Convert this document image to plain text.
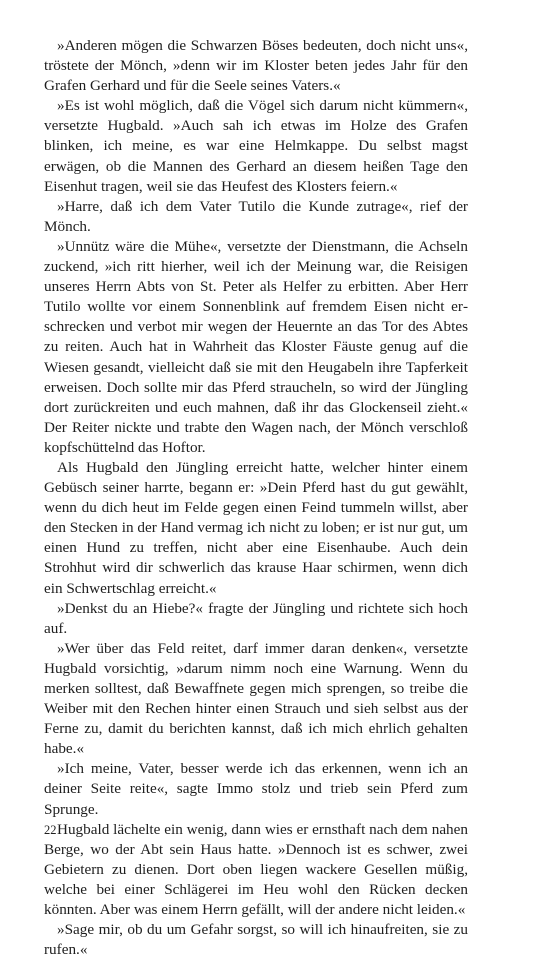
»Anderen mögen die Schwarzen Böses bedeuten, doch nicht uns«, tröstete der Mönch, »denn wir im Kloster beten jedes Jahr für den Grafen Gerhard und für die Seele seines Vaters.«

»Es ist wohl möglich, daß die Vögel sich darum nicht kümmern«, versetzte Hugbald. »Auch sah ich etwas im Holze des Grafen blinken, ich meine, es war eine Helmkappe. Du selbst magst erwägen, ob die Mannen des Gerhard an diesem heißen Tage den Eisenhut tragen, weil sie das Heufest des Klosters feiern.«

»Harre, daß ich dem Vater Tutilo die Kunde zutrage«, rief der Mönch.

»Unnütz wäre die Mühe«, versetzte der Dienstmann, die Achseln zuckend, »ich ritt hierher, weil ich der Meinung war, die Reisigen unseres Herrn Abts von St. Peter als Helfer zu erbitten. Aber Herr Tutilo wollte vor einem Sonnenblink auf fremdem Eisen nicht erschrecken und verbot mir wegen der Heuernte an das Tor des Abtes zu reiten. Auch hat in Wahrheit das Kloster Fäuste genug auf die Wiesen gesandt, vielleicht daß sie mit den Heugabeln ihre Tapferkeit erweisen. Doch sollte mir das Pferd straucheln, so wird der Jüngling dort zurückreiten und euch mahnen, daß ihr das Glockenseil zieht.« Der Reiter nickte und trabte den Wagen nach, der Mönch verschloß kopfschüttelnd das Hoftor.

Als Hugbald den Jüngling erreicht hatte, welcher hinter einem Gebüsch seiner harrte, begann er: »Dein Pferd hast du gut gewählt, wenn du dich heut im Felde gegen einen Feind tummeln willst, aber den Stecken in der Hand vermag ich nicht zu loben; er ist nur gut, um einen Hund zu treffen, nicht aber eine Eisenhaube. Auch dein Strohhut wird dir schwerlich das krause Haar schirmen, wenn dich ein Schwertschlag erreicht.«

»Denkst du an Hiebe?« fragte der Jüngling und richtete sich hoch auf.

»Wer über das Feld reitet, darf immer daran denken«, versetzte Hugbald vorsichtig, »darum nimm noch eine Warnung. Wenn du merken solltest, daß Bewaffnete gegen mich sprengen, so treibe die Weiber mit den Rechen hinter einen Strauch und sieh selbst aus der Ferne zu, damit du berichten kannst, daß ich mich ehrlich gehalten habe.«

»Ich meine, Vater, besser werde ich das erkennen, wenn ich an deiner Seite reite«, sagte Immo stolz und trieb sein Pferd zum Sprunge.

Hugbald lächelte ein wenig, dann wies er ernsthaft nach dem nahen Berge, wo der Abt sein Haus hatte. »Dennoch ist es schwer, zwei Gebietern zu dienen. Dort oben liegen wackere Gesellen müßig, welche bei einer Schlägerei im Heu wohl den Rücken decken könnten. Aber was einem Herrn gefällt, will der andere nicht leiden.«

»Sage mir, ob du um Gefahr sorgst, so will ich hinaufreiten, sie zu rufen.«

22
